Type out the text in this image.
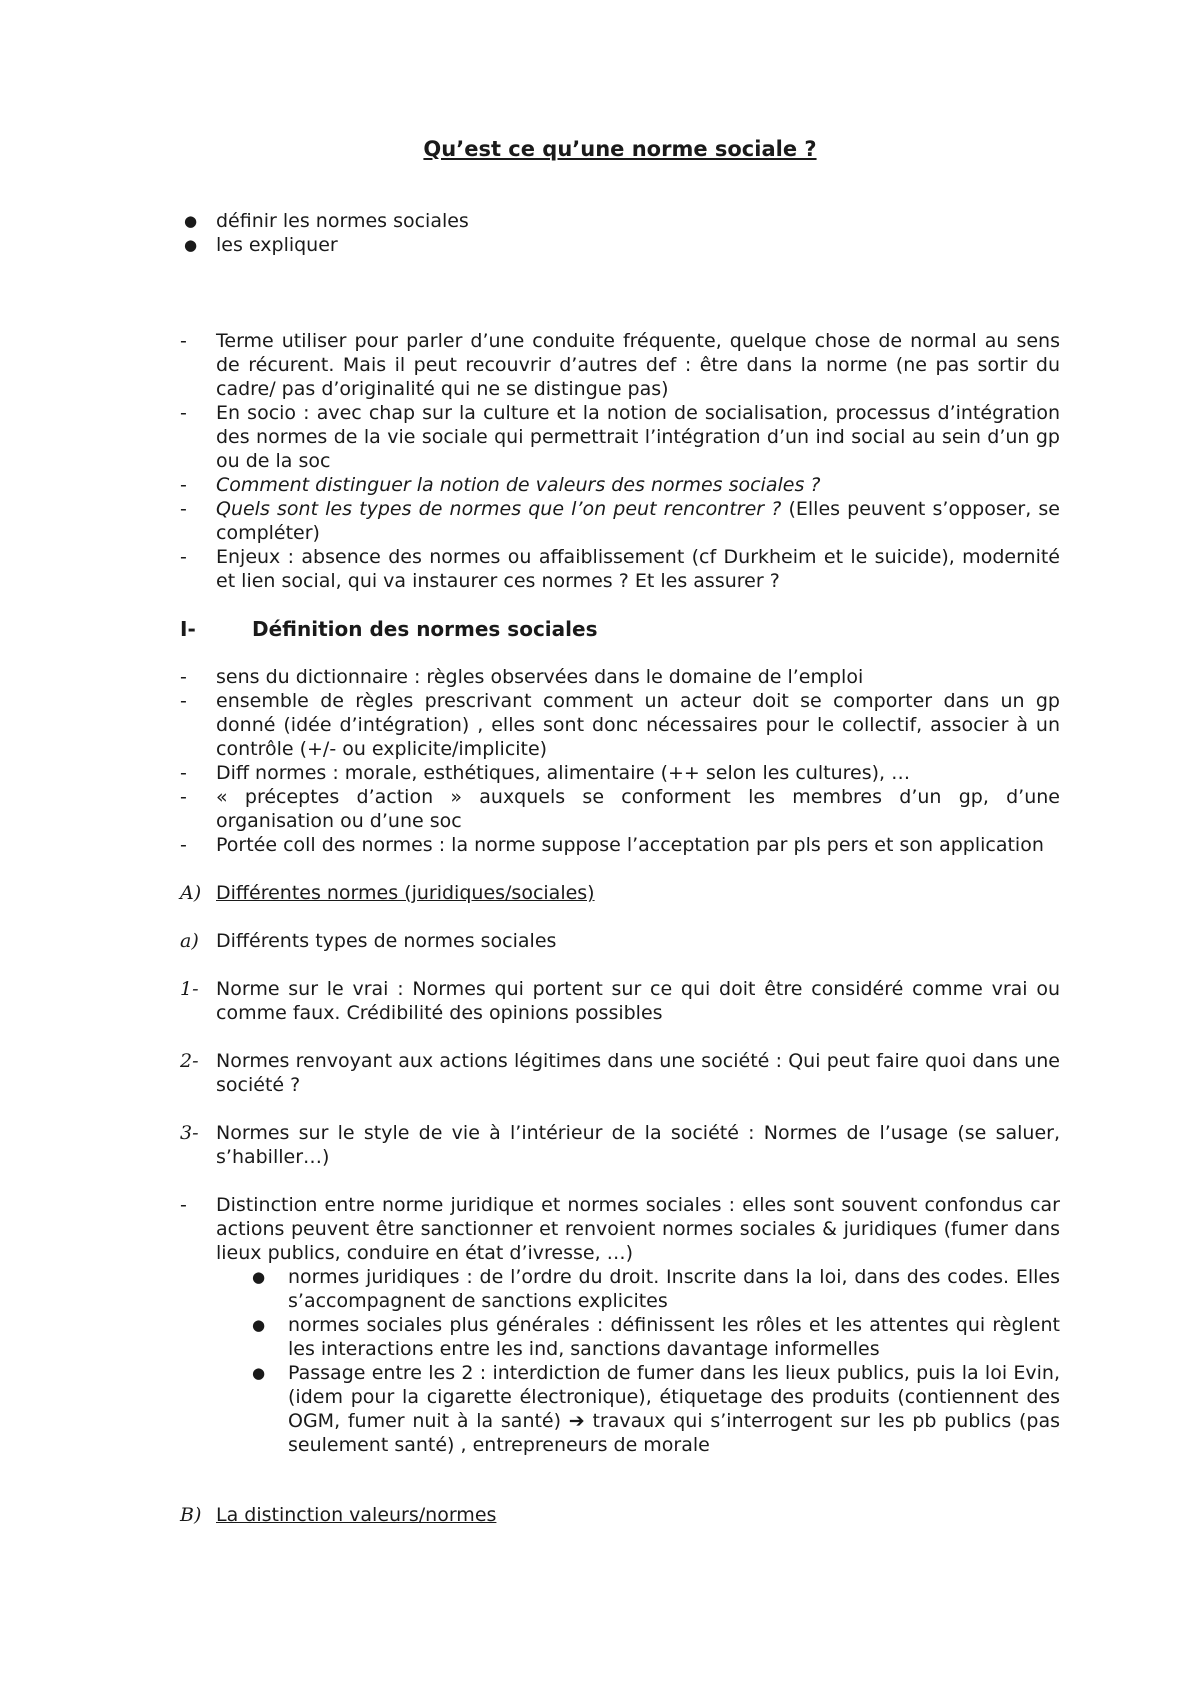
Qu’est ce qu’une norme sociale ?
● définir les normes sociales
● les expliquer
- Terme utiliser pour parler d’une conduite fréquente, quelque chose de normal au sens de récurent. Mais il peut recouvrir d’autres def : être dans la norme (ne pas sortir du cadre/ pas d’originalité qui ne se distingue pas)
- En socio : avec chap sur la culture et la notion de socialisation, processus d’intégration des normes de la vie sociale qui permettrait l’intégration d’un ind social au sein d’un gp ou de la soc
- Comment distinguer la notion de valeurs des normes sociales ?
- Quels sont les types de normes que l’on peut rencontrer ? (Elles peuvent s’opposer, se compléter)
- Enjeux : absence des normes ou affaiblissement (cf Durkheim et le suicide), modernité et lien social, qui va instaurer ces normes ? Et les assurer ?
I-	Définition des normes sociales
- sens du dictionnaire : règles observées dans le domaine de l’emploi
- ensemble de règles prescrivant comment un acteur doit se comporter dans un gp donné (idée d’intégration) , elles sont donc nécessaires pour le collectif, associer à un contrôle (+/- ou explicite/implicite)
- Diff normes : morale, esthétiques, alimentaire (++ selon les cultures), …
- « préceptes d’action » auxquels se conforment les membres d’un gp, d’une organisation ou d’une soc
- Portée coll des normes : la norme suppose l’acceptation par pls pers et son application
A) Différentes normes (juridiques/sociales)
a) Différents types de normes sociales
1- Norme sur le vrai : Normes qui portent sur ce qui doit être considéré comme vrai ou comme faux. Crédibilité des opinions possibles
2- Normes renvoyant aux actions légitimes dans une société : Qui peut faire quoi dans une société ?
3- Normes sur le style de vie à l’intérieur de la société : Normes de l’usage (se saluer, s’habiller…)
- Distinction entre norme juridique et normes sociales : elles sont souvent confondus car actions peuvent être sanctionner et renvoient normes sociales & juridiques (fumer dans lieux publics, conduire en état d’ivresse, …)
● normes juridiques : de l’ordre du droit. Inscrite dans la loi, dans des codes. Elles s’accompagnent de sanctions explicites
● normes sociales plus générales : définissent les rôles et les attentes qui règlent les interactions entre les ind, sanctions davantage informelles
● Passage entre les 2 : interdiction de fumer dans les lieux publics, puis la loi Evin, (idem pour la cigarette électronique), étiquetage des produits (contiennent des OGM, fumer nuit à la santé) ➔ travaux qui s’interrogent sur les pb publics (pas seulement santé) , entrepreneurs de morale
B) La distinction valeurs/normes
